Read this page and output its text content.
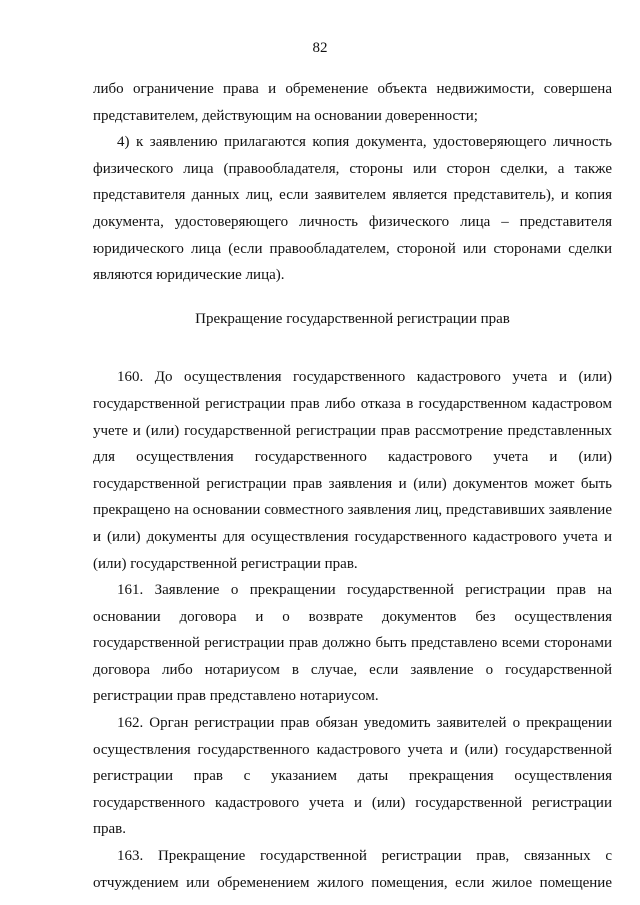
82

либо ограничение права и обременение объекта недвижимости, совершена представителем, действующим на основании доверенности;

4) к заявлению прилагаются копия документа, удостоверяющего личность физического лица (правообладателя, стороны или сторон сделки, а также представителя данных лиц, если заявителем является представитель), и копия документа, удостоверяющего личность физического лица – представителя юридического лица (если правообладателем, стороной или сторонами сделки являются юридические лица).

Прекращение государственной регистрации прав

160. До осуществления государственного кадастрового учета и (или) государственной регистрации прав либо отказа в государственном кадастровом учете и (или) государственной регистрации прав рассмотрение представленных для осуществления государственного кадастрового учета и (или) государственной регистрации прав заявления и (или) документов может быть прекращено на основании совместного заявления лиц, представивших заявление и (или) документы для осуществления государственного кадастрового учета и (или) государственной регистрации прав.

161. Заявление о прекращении государственной регистрации прав на основании договора и о возврате документов без осуществления государственной регистрации прав должно быть представлено всеми сторонами договора либо нотариусом в случае, если заявление о государственной регистрации прав представлено нотариусом.

162. Орган регистрации прав обязан уведомить заявителей о прекращении осуществления государственного кадастрового учета и (или) государственной регистрации прав с указанием даты прекращения осуществления государственного кадастрового учета и (или) государственной регистрации прав.

163. Прекращение государственной регистрации прав, связанных с отчуждением или обременением жилого помещения, если жилое помещение
